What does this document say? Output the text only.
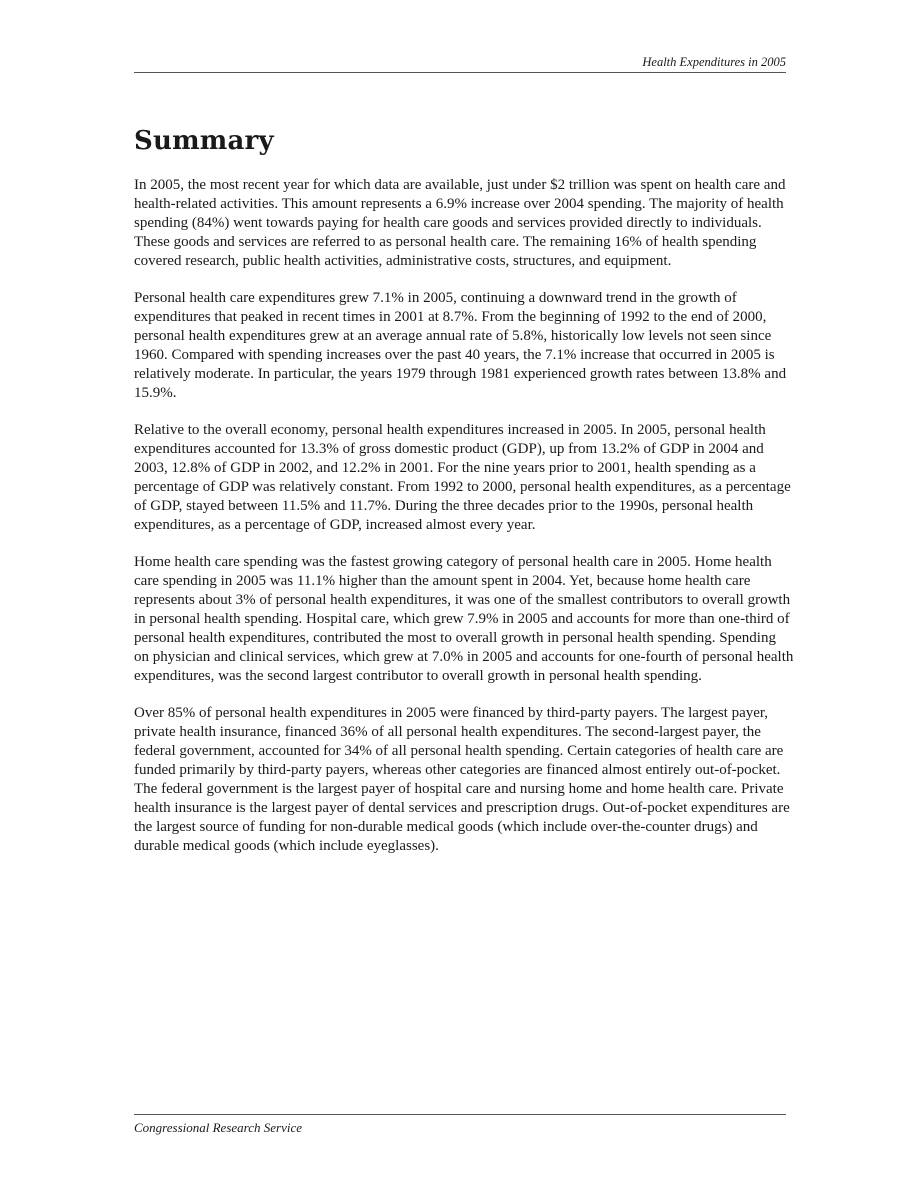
Health Expenditures in 2005
Summary

In 2005, the most recent year for which data are available, just under $2 trillion was spent on health care and health-related activities. This amount represents a 6.9% increase over 2004 spending. The majority of health spending (84%) went towards paying for health care goods and services provided directly to individuals. These goods and services are referred to as personal health care. The remaining 16% of health spending covered research, public health activities, administrative costs, structures, and equipment.

Personal health care expenditures grew 7.1% in 2005, continuing a downward trend in the growth of expenditures that peaked in recent times in 2001 at 8.7%. From the beginning of 1992 to the end of 2000, personal health expenditures grew at an average annual rate of 5.8%, historically low levels not seen since 1960. Compared with spending increases over the past 40 years, the 7.1% increase that occurred in 2005 is relatively moderate. In particular, the years 1979 through 1981 experienced growth rates between 13.8% and 15.9%.

Relative to the overall economy, personal health expenditures increased in 2005. In 2005, personal health expenditures accounted for 13.3% of gross domestic product (GDP), up from 13.2% of GDP in 2004 and 2003, 12.8% of GDP in 2002, and 12.2% in 2001. For the nine years prior to 2001, health spending as a percentage of GDP was relatively constant. From 1992 to 2000, personal health expenditures, as a percentage of GDP, stayed between 11.5% and 11.7%. During the three decades prior to the 1990s, personal health expenditures, as a percentage of GDP, increased almost every year.

Home health care spending was the fastest growing category of personal health care in 2005. Home health care spending in 2005 was 11.1% higher than the amount spent in 2004. Yet, because home health care represents about 3% of personal health expenditures, it was one of the smallest contributors to overall growth in personal health spending. Hospital care, which grew 7.9% in 2005 and accounts for more than one-third of personal health expenditures, contributed the most to overall growth in personal health spending. Spending on physician and clinical services, which grew at 7.0% in 2005 and accounts for one-fourth of personal health expenditures, was the second largest contributor to overall growth in personal health spending.

Over 85% of personal health expenditures in 2005 were financed by third-party payers. The largest payer, private health insurance, financed 36% of all personal health expenditures. The second-largest payer, the federal government, accounted for 34% of all personal health spending. Certain categories of health care are funded primarily by third-party payers, whereas other categories are financed almost entirely out-of-pocket. The federal government is the largest payer of hospital care and nursing home and home health care. Private health insurance is the largest payer of dental services and prescription drugs. Out-of-pocket expenditures are the largest source of funding for non-durable medical goods (which include over-the-counter drugs) and durable medical goods (which include eyeglasses).

Congressional Research Service
